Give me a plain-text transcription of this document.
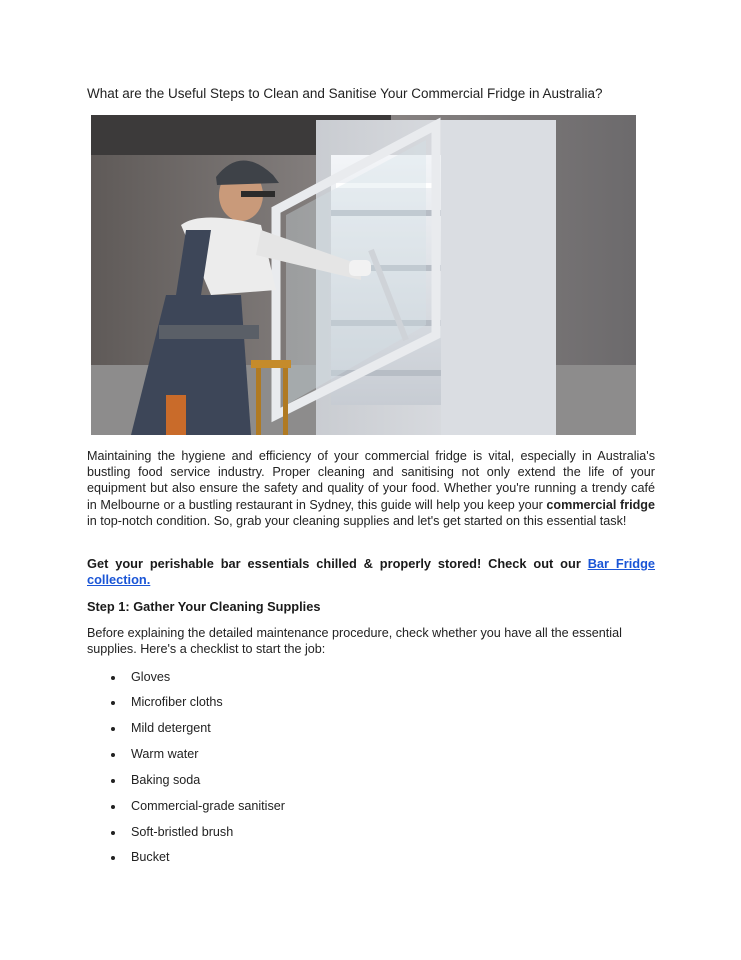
What are the Useful Steps to Clean and Sanitise Your Commercial Fridge in Australia?
Maintaining the hygiene and efficiency of your commercial fridge is vital, especially in Australia's bustling food service industry. Proper cleaning and sanitising not only extend the life of your equipment but also ensure the safety and quality of your food. Whether you're running a trendy café in Melbourne or a bustling restaurant in Sydney, this guide will help you keep your commercial fridge in top-notch condition. So, grab your cleaning supplies and let's get started on this essential task!
Get your perishable bar essentials chilled & properly stored! Check out our Bar Fridge collection.
Step 1: Gather Your Cleaning Supplies
Before explaining the detailed maintenance procedure, check whether you have all the essential supplies. Here's a checklist to start the job:
Gloves
Microfiber cloths
Mild detergent
Warm water
Baking soda
Commercial-grade sanitiser
Soft-bristled brush
Bucket
